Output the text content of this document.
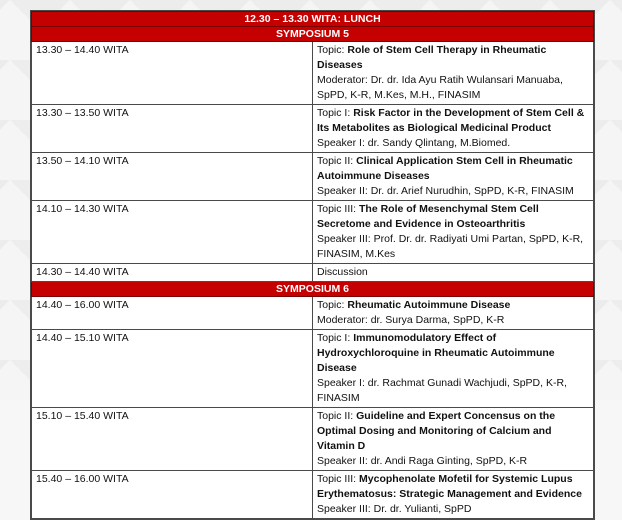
12.30 – 13.30 WITA: LUNCH	
SYMPOSIUM 5	
13.30 – 14.40 WITA	Topic: Role of Stem Cell Therapy in Rheumatic Diseases
Moderator: Dr. dr. Ida Ayu Ratih Wulansari Manuaba, SpPD, K-R, M.Kes, M.H., FINASIM
13.30 – 13.50 WITA	Topic I: Risk Factor in the Development of Stem Cell & Its Metabolites as Biological Medicinal Product
Speaker I: dr. Sandy Qlintang, M.Biomed.
13.50 – 14.10 WITA	Topic II: Clinical Application Stem Cell in Rheumatic Autoimmune Diseases
Speaker II: Dr. dr. Arief Nurudhin, SpPD, K-R, FINASIM
14.10 – 14.30 WITA	Topic III: The Role of Mesenchymal Stem Cell Secretome and Evidence in Osteoarthritis
Speaker III: Prof. Dr. dr. Radiyati Umi Partan, SpPD, K-R, FINASIM, M.Kes
14.30 – 14.40 WITA	Discussion
SYMPOSIUM 6	
14.40 – 16.00 WITA	Topic: Rheumatic Autoimmune Disease
Moderator: dr. Surya Darma, SpPD, K-R
14.40 – 15.10 WITA	Topic I: Immunomodulatory Effect of Hydroxychloroquine in Rheumatic Autoimmune Disease
Speaker I: dr. Rachmat Gunadi Wachjudi, SpPD, K-R, FINASIM
15.10 – 15.40 WITA	Topic II: Guideline and Expert Concensus on the Optimal Dosing and Monitoring of Calcium and Vitamin D
Speaker II: dr. Andi Raga Ginting, SpPD, K-R
15.40 – 16.00 WITA	Topic III: Mycophenolate Mofetil for Systemic Lupus Erythematosus: Strategic Management and Evidence
Speaker III: Dr. dr. Yulianti, SpPD
